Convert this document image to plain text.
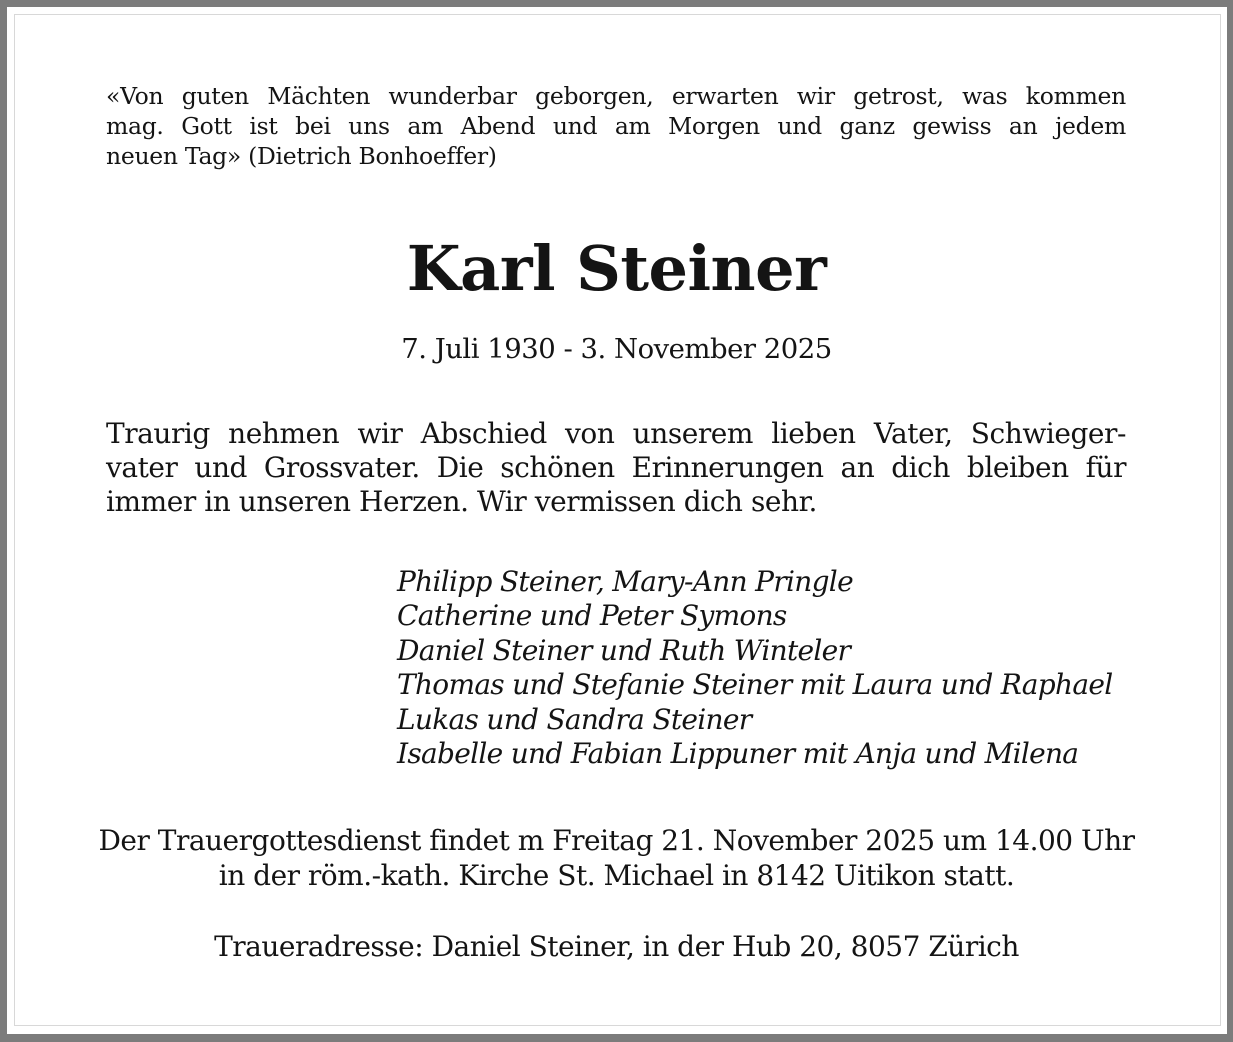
«Von guten Mächten wunderbar geborgen, erwarten wir getrost, was kommen
mag. Gott ist bei uns am Abend und am Morgen und ganz gewiss an jedem
neuen Tag» (Dietrich Bonhoeffer)
Karl Steiner
7. Juli 1930 - 3. November 2025
Traurig nehmen wir Abschied von unserem lieben Vater, Schwieger-
vater und Grossvater. Die schönen Erinnerungen an dich bleiben für
immer in unseren Herzen. Wir vermissen dich sehr.
Philipp Steiner, Mary-Ann Pringle
Catherine und Peter Symons
Daniel Steiner und Ruth Winteler
Thomas und Stefanie Steiner mit Laura und Raphael
Lukas und Sandra Steiner
Isabelle und Fabian Lippuner mit Anja und Milena
Der Trauergottesdienst findet m Freitag 21. November 2025 um 14.00 Uhr
in der röm.-kath. Kirche St. Michael in 8142 Uitikon statt.
Traueradresse: Daniel Steiner, in der Hub 20, 8057 Zürich
